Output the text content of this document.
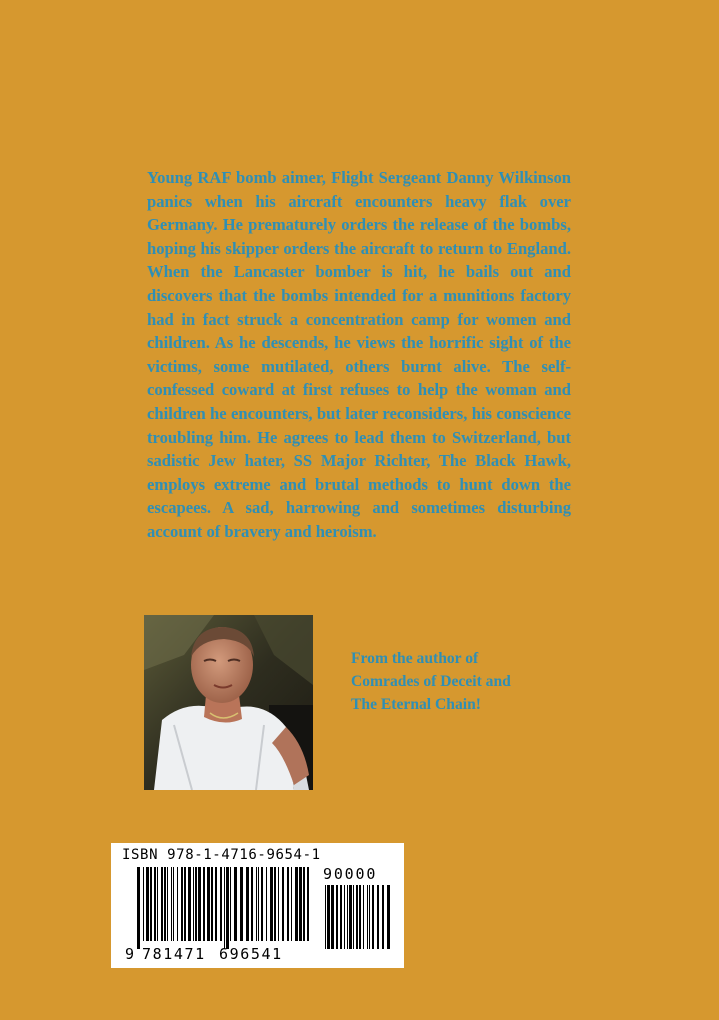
Young RAF bomb aimer, Flight Sergeant Danny Wilkinson panics when his aircraft encounters heavy flak over Germany. He prematurely orders the release of the bombs, hoping his skipper orders the aircraft to return to England. When the Lancaster bomber is hit, he bails out and discovers that the bombs intended for a munitions factory had in fact struck a concentration camp for women and children. As he descends, he views the horrific sight of the victims, some mutilated, others burnt alive. The self-confessed coward at first refuses to help the woman and children he encounters, but later reconsiders, his conscience troubling him. He agrees to lead them to Switzerland, but sadistic Jew hater, SS Major Richter, The Black Hawk, employs extreme and brutal methods to hunt down the escapees. A sad, harrowing and sometimes disturbing account of bravery and heroism.

From the author of
Comrades of Deceit and
The Eternal Chain!

ISBN 978-1-4716-9654-1
90000
9 781471 696541
